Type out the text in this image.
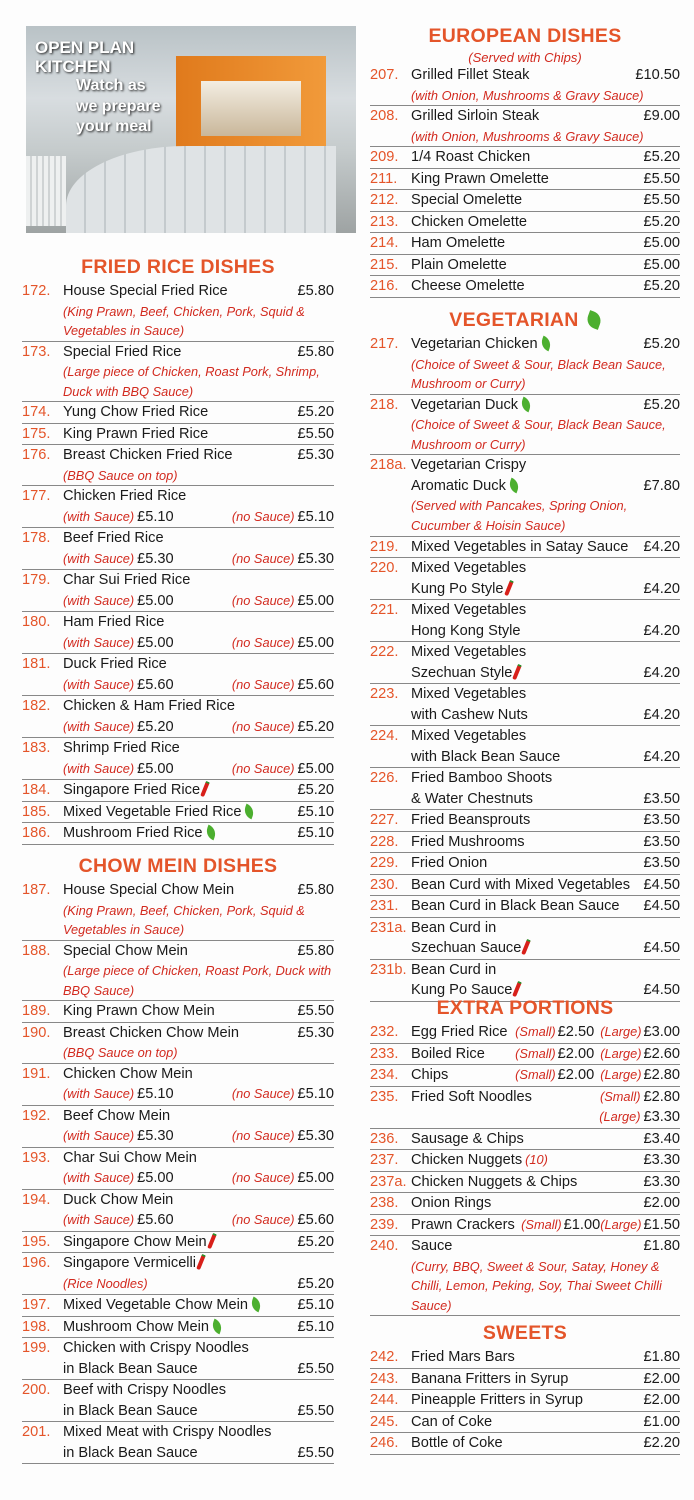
OPEN PLAN
KITCHEN
Watch as
we prepare
your meal
FRIED RICE DISHES
172. House Special Fried Rice	£5.80
(King Prawn, Beef, Chicken, Pork, Squid & Vegetables in Sauce)
173. Special Fried Rice	£5.80
(Large piece of Chicken, Roast Pork, Shrimp, Duck with BBQ Sauce)
174. Yung Chow Fried Rice	£5.20
175. King Prawn Fried Rice	£5.50
176. Breast Chicken Fried Rice	£5.30
(BBQ Sauce on top)
177. Chicken Fried Rice
(with Sauce) £5.10	(no Sauce) £5.10
178. Beef Fried Rice
(with Sauce) £5.30	(no Sauce) £5.30
179. Char Sui Fried Rice
(with Sauce) £5.00	(no Sauce) £5.00
180. Ham Fried Rice
(with Sauce) £5.00	(no Sauce) £5.00
181. Duck Fried Rice
(with Sauce) £5.60	(no Sauce) £5.60
182. Chicken & Ham Fried Rice
(with Sauce) £5.20	(no Sauce) £5.20
183. Shrimp Fried Rice
(with Sauce) £5.00	(no Sauce) £5.00
184. Singapore Fried Rice	£5.20
185. Mixed Vegetable Fried Rice	£5.10
186. Mushroom Fried Rice	£5.10
CHOW MEIN DISHES
187. House Special Chow Mein	£5.80
(King Prawn, Beef, Chicken, Pork, Squid & Vegetables in Sauce)
188. Special Chow Mein	£5.80
(Large piece of Chicken, Roast Pork, Duck with BBQ Sauce)
189. King Prawn Chow Mein	£5.50
190. Breast Chicken Chow Mein	£5.30
(BBQ Sauce on top)
191. Chicken Chow Mein
(with Sauce) £5.10	(no Sauce) £5.10
192. Beef Chow Mein
(with Sauce) £5.30	(no Sauce) £5.30
193. Char Sui Chow Mein
(with Sauce) £5.00	(no Sauce) £5.00
194. Duck Chow Mein
(with Sauce) £5.60	(no Sauce) £5.60
195. Singapore Chow Mein	£5.20
196. Singapore Vermicelli
(Rice Noodles)	£5.20
197. Mixed Vegetable Chow Mein	£5.10
198. Mushroom Chow Mein	£5.10
199. Chicken with Crispy Noodles
in Black Bean Sauce	£5.50
200. Beef with Crispy Noodles
in Black Bean Sauce	£5.50
201. Mixed Meat with Crispy Noodles
in Black Bean Sauce	£5.50
EUROPEAN DISHES
(Served with Chips)
207. Grilled Fillet Steak	£10.50
(with Onion, Mushrooms & Gravy Sauce)
208. Grilled Sirloin Steak	£9.00
(with Onion, Mushrooms & Gravy Sauce)
209. 1/4 Roast Chicken	£5.20
211. King Prawn Omelette	£5.50
212. Special Omelette	£5.50
213. Chicken Omelette	£5.20
214. Ham Omelette	£5.00
215. Plain Omelette	£5.00
216. Cheese Omelette	£5.20
VEGETARIAN
217. Vegetarian Chicken	£5.20
(Choice of Sweet & Sour, Black Bean Sauce, Mushroom or Curry)
218. Vegetarian Duck	£5.20
(Choice of Sweet & Sour, Black Bean Sauce, Mushroom or Curry)
218a. Vegetarian Crispy
Aromatic Duck	£7.80
(Served with Pancakes, Spring Onion, Cucumber & Hoisin Sauce)
219. Mixed Vegetables in Satay Sauce £4.20
220. Mixed Vegetables
Kung Po Style	£4.20
221. Mixed Vegetables
Hong Kong Style	£4.20
222. Mixed Vegetables
Szechuan Style	£4.20
223. Mixed Vegetables
with Cashew Nuts	£4.20
224. Mixed Vegetables
with Black Bean Sauce	£4.20
226. Fried Bamboo Shoots
& Water Chestnuts	£3.50
227. Fried Beansprouts	£3.50
228. Fried Mushrooms	£3.50
229. Fried Onion	£3.50
230. Bean Curd with Mixed Vegetables £4.50
231. Bean Curd in Black Bean Sauce £4.50
231a. Bean Curd in
Szechuan Sauce	£4.50
231b. Bean Curd in
Kung Po Sauce	£4.50
EXTRA PORTIONS
232. Egg Fried Rice (Small) £2.50 (Large) £3.00
233. Boiled Rice (Small) £2.00 (Large) £2.60
234. Chips	(Small) £2.00 (Large) £2.80
235. Fried Soft Noodles	(Small) £2.80
(Large) £3.30
236. Sausage & Chips	£3.40
237. Chicken Nuggets (10)	£3.30
237a. Chicken Nuggets & Chips	£3.30
238. Onion Rings	£2.00
239. Prawn Crackers (Small) £1.00(Large) £1.50
240. Sauce	£1.80
(Curry, BBQ, Sweet & Sour, Satay, Honey & Chilli, Lemon, Peking, Soy, Thai Sweet Chilli Sauce)
SWEETS
242. Fried Mars Bars	£1.80
243. Banana Fritters in Syrup	£2.00
244. Pineapple Fritters in Syrup	£2.00
245. Can of Coke	£1.00
246. Bottle of Coke	£2.20
